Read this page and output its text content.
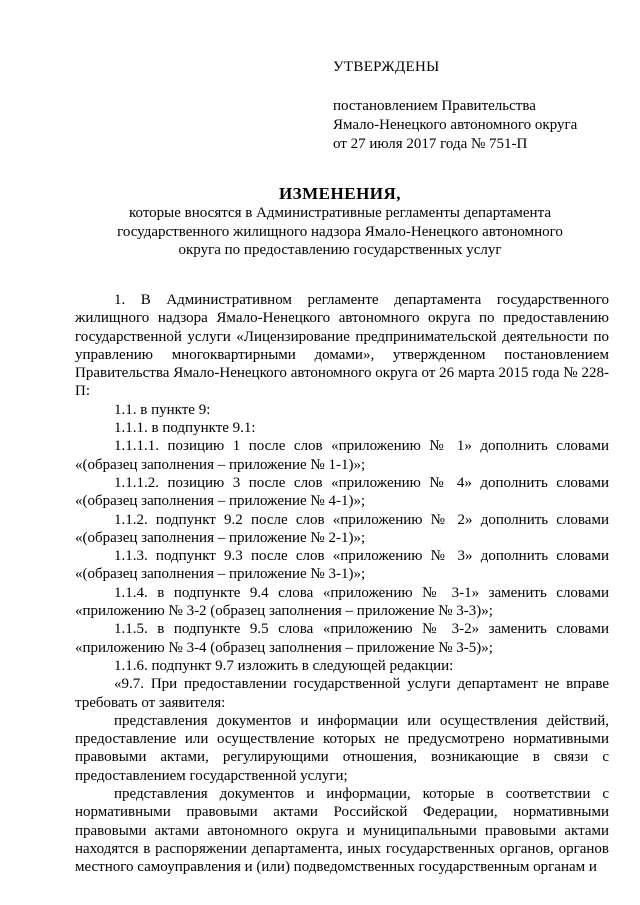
УТВЕРЖДЕНЫ
постановлением Правительства
Ямало-Ненецкого автономного округа
от 27 июля 2017 года № 751-П
ИЗМЕНЕНИЯ,
которые вносятся в Административные регламенты департамента
государственного жилищного надзора Ямало-Ненецкого автономного
округа по предоставлению государственных услуг
1. В Административном регламенте департамента государственного жилищного надзора Ямало-Ненецкого автономного округа по предоставлению государственной услуги «Лицензирование предпринимательской деятельности по управлению многоквартирными домами», утвержденном постановлением Правительства Ямало-Ненецкого автономного округа от 26 марта 2015 года № 228-П:
1.1. в пункте 9:
1.1.1. в подпункте 9.1:
1.1.1.1. позицию 1 после слов «приложению № 1» дополнить словами «(образец заполнения – приложение № 1-1)»;
1.1.1.2. позицию 3 после слов «приложению № 4» дополнить словами «(образец заполнения – приложение № 4-1)»;
1.1.2. подпункт 9.2 после слов «приложению № 2» дополнить словами «(образец заполнения – приложение № 2-1)»;
1.1.3. подпункт 9.3 после слов «приложению № 3» дополнить словами «(образец заполнения – приложение № 3-1)»;
1.1.4. в подпункте 9.4 слова «приложению № 3-1» заменить словами «приложению № 3-2 (образец заполнения – приложение № 3-3)»;
1.1.5. в подпункте 9.5 слова «приложению № 3-2» заменить словами «приложению № 3-4 (образец заполнения – приложение № 3-5)»;
1.1.6. подпункт 9.7 изложить в следующей редакции:
«9.7. При предоставлении государственной услуги департамент не вправе требовать от заявителя:
представления документов и информации или осуществления действий, предоставление или осуществление которых не предусмотрено нормативными правовыми актами, регулирующими отношения, возникающие в связи с предоставлением государственной услуги;
представления документов и информации, которые в соответствии с нормативными правовыми актами Российской Федерации, нормативными правовыми актами автономного округа и муниципальными правовыми актами находятся в распоряжении департамента, иных государственных органов, органов местного самоуправления и (или) подведомственных государственным органам и
